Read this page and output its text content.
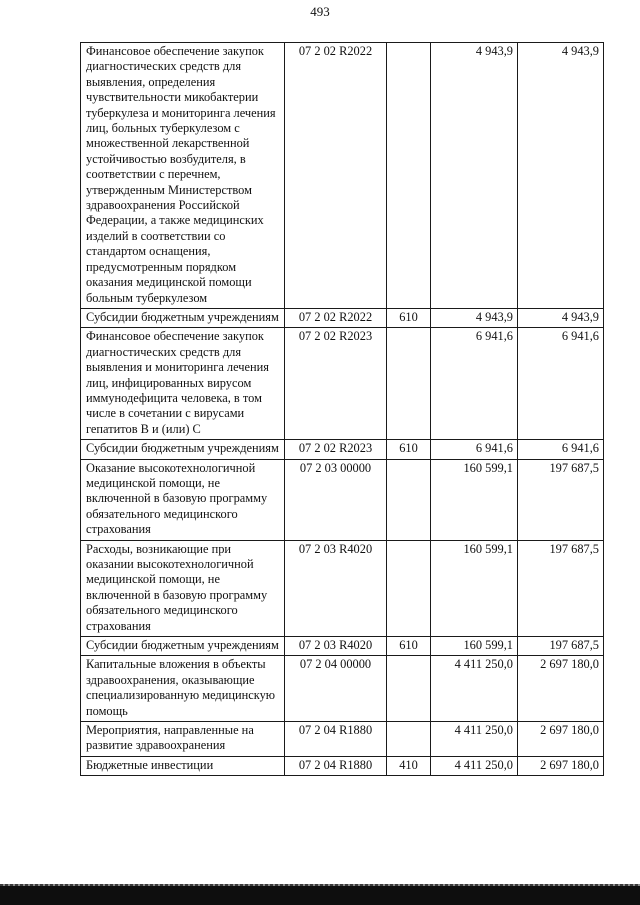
493
Финансовое обеспечение закупок диагностических средств для выявления, определения чувствительности микобактерии туберкулеза и мониторинга лечения лиц, больных туберкулезом с множественной лекарственной устойчивостью возбудителя, в соответствии с перечнем, утвержденным Министерством здравоохранения Российской Федерации, а также медицинских изделий в соответствии со стандартом оснащения, предусмотренным порядком оказания медицинской помощи больным туберкулезом	07 2 02 R2022		4 943,9	4 943,9
Субсидии бюджетным учреждениям	07 2 02 R2022	610	4 943,9	4 943,9
Финансовое обеспечение закупок диагностических средств для выявления и мониторинга лечения лиц, инфицированных вирусом иммунодефицита человека, в том числе в сочетании с вирусами гепатитов В и (или) С	07 2 02 R2023		6 941,6	6 941,6
Субсидии бюджетным учреждениям	07 2 02 R2023	610	6 941,6	6 941,6
Оказание высокотехнологичной медицинской помощи, не включенной в базовую программу обязательного медицинского страхования	07 2 03 00000		160 599,1	197 687,5
Расходы, возникающие при оказании высокотехнологичной медицинской помощи, не включенной в базовую программу обязательного медицинского страхования	07 2 03 R4020		160 599,1	197 687,5
Субсидии бюджетным учреждениям	07 2 03 R4020	610	160 599,1	197 687,5
Капитальные вложения в объекты здравоохранения, оказывающие специализированную медицинскую помощь	07 2 04 00000		4 411 250,0	2 697 180,0
Мероприятия, направленные на развитие здравоохранения	07 2 04 R1880		4 411 250,0	2 697 180,0
Бюджетные инвестиции	07 2 04 R1880	410	4 411 250,0	2 697 180,0
